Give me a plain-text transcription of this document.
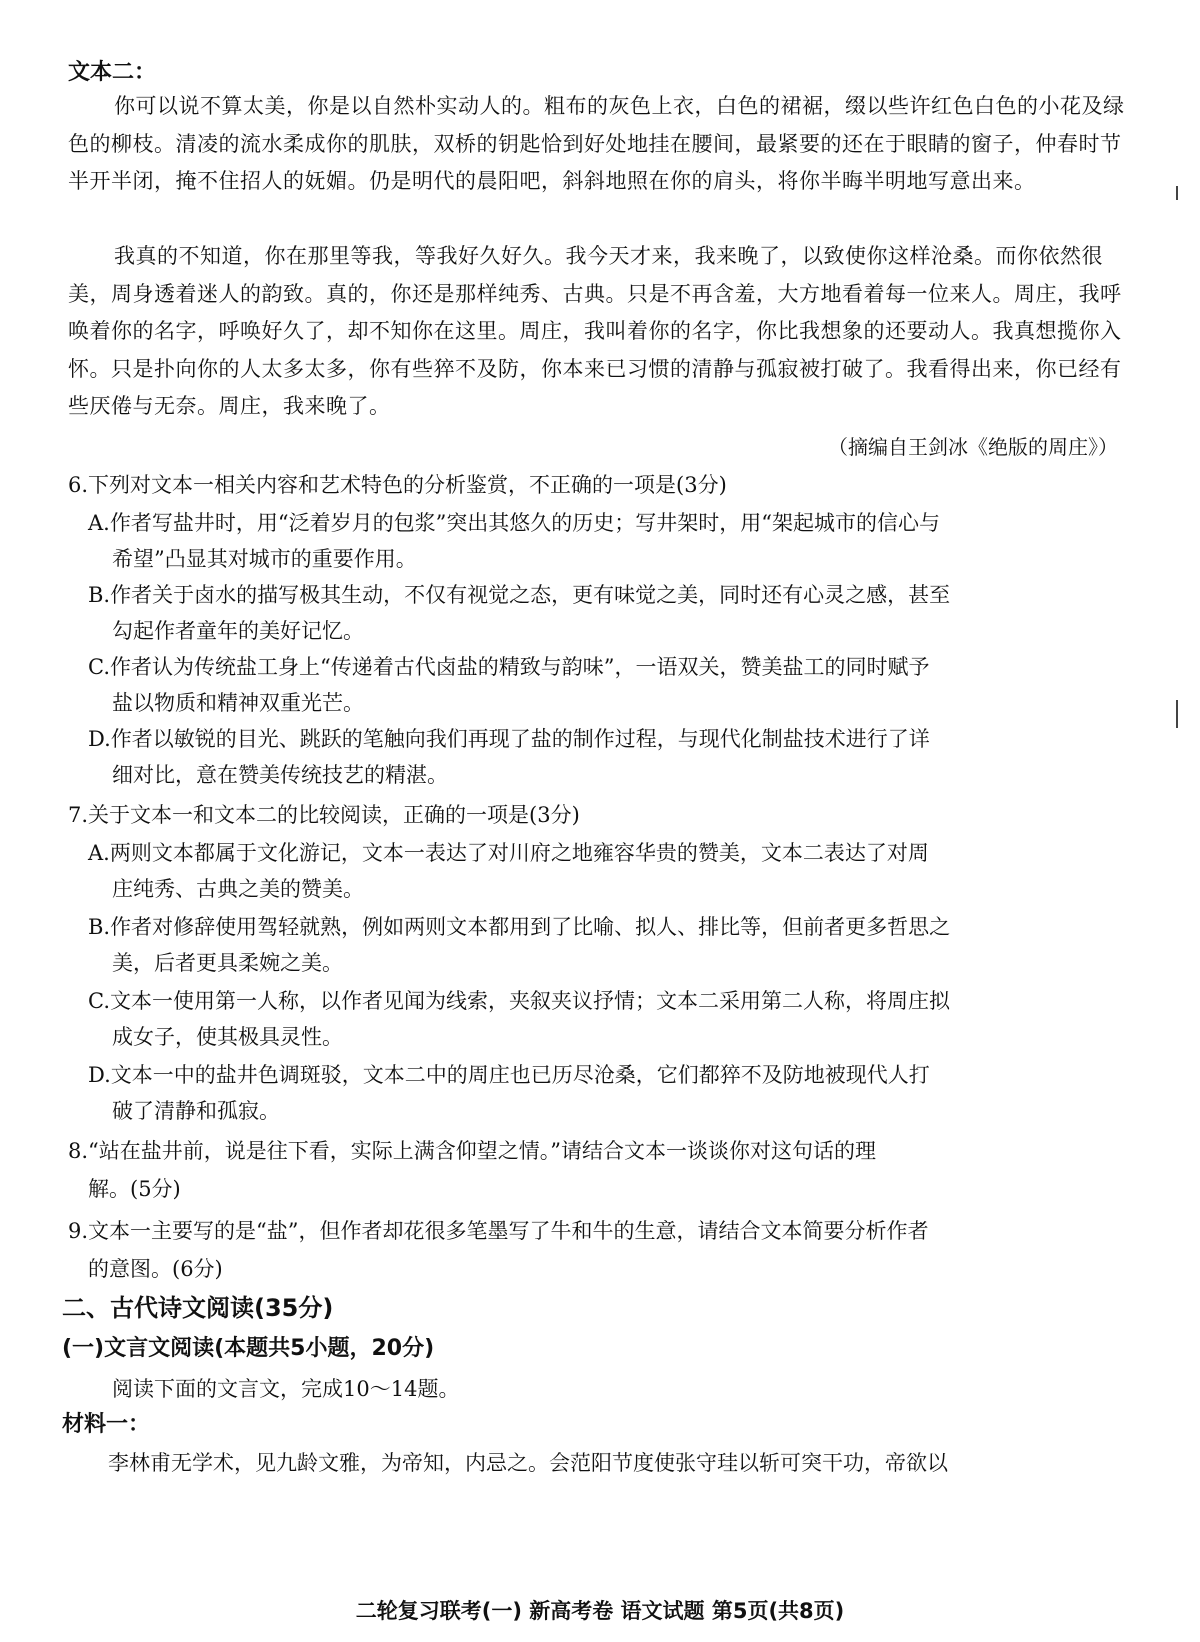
文本二：

你可以说不算太美，你是以自然朴实动人的。粗布的灰色上衣，白色的裙裾，缀以些许红色白色的小花及绿色的柳枝。清凌的流水柔成你的肌肤，双桥的钥匙恰到好处地挂在腰间，最紧要的还在于眼睛的窗子，仲春时节半开半闭，掩不住招人的妩媚。仍是明代的晨阳吧，斜斜地照在你的肩头，将你半晦半明地写意出来。

我真的不知道，你在那里等我，等我好久好久。我今天才来，我来晚了，以致使你这样沧桑。而你依然很美，周身透着迷人的韵致。真的，你还是那样纯秀、古典。只是不再含羞，大方地看着每一位来人。周庄，我呼唤着你的名字，呼唤好久了，却不知你在这里。周庄，我叫着你的名字，你比我想象的还要动人。我真想揽你入怀。只是扑向你的人太多太多，你有些猝不及防，你本来已习惯的清静与孤寂被打破了。我看得出来，你已经有些厌倦与无奈。周庄，我来晚了。

（摘编自王剑冰《绝版的周庄》）
6.下列对文本一相关内容和艺术特色的分析鉴赏，不正确的一项是(3分)
A.作者写盐井时，用“泛着岁月的包浆”突出其悠久的历史；写井架时，用“架起城市的信心与
希望”凸显其对城市的重要作用。
B.作者关于卤水的描写极其生动，不仅有视觉之态，更有味觉之美，同时还有心灵之感，甚至
勾起作者童年的美好记忆。
C.作者认为传统盐工身上“传递着古代卤盐的精致与韵味”，一语双关，赞美盐工的同时赋予
盐以物质和精神双重光芒。
D.作者以敏锐的目光、跳跃的笔触向我们再现了盐的制作过程，与现代化制盐技术进行了详
细对比，意在赞美传统技艺的精湛。
7.关于文本一和文本二的比较阅读，正确的一项是(3分)
A.两则文本都属于文化游记，文本一表达了对川府之地雍容华贵的赞美，文本二表达了对周
庄纯秀、古典之美的赞美。
B.作者对修辞使用驾轻就熟，例如两则文本都用到了比喻、拟人、排比等，但前者更多哲思之
美，后者更具柔婉之美。
C.文本一使用第一人称，以作者见闻为线索，夹叙夹议抒情；文本二采用第二人称，将周庄拟
成女子，使其极具灵性。
D.文本一中的盐井色调斑驳，文本二中的周庄也已历尽沧桑，它们都猝不及防地被现代人打
破了清静和孤寂。
8.“站在盐井前，说是往下看，实际上满含仰望之情。”请结合文本一谈谈你对这句话的理
解。(5分)
9.文本一主要写的是“盐”，但作者却花很多笔墨写了牛和牛的生意，请结合文本简要分析作者
的意图。(6分)
二、古代诗文阅读(35分)
(一)文言文阅读(本题共5小题，20分)
阅读下面的文言文，完成10～14题。
材料一：
李林甫无学术，见九龄文雅，为帝知，内忌之。会范阳节度使张守珪以斩可突干功，帝欲以
二轮复习联考(一) 新高考卷 语文试题 第5页(共8页)
